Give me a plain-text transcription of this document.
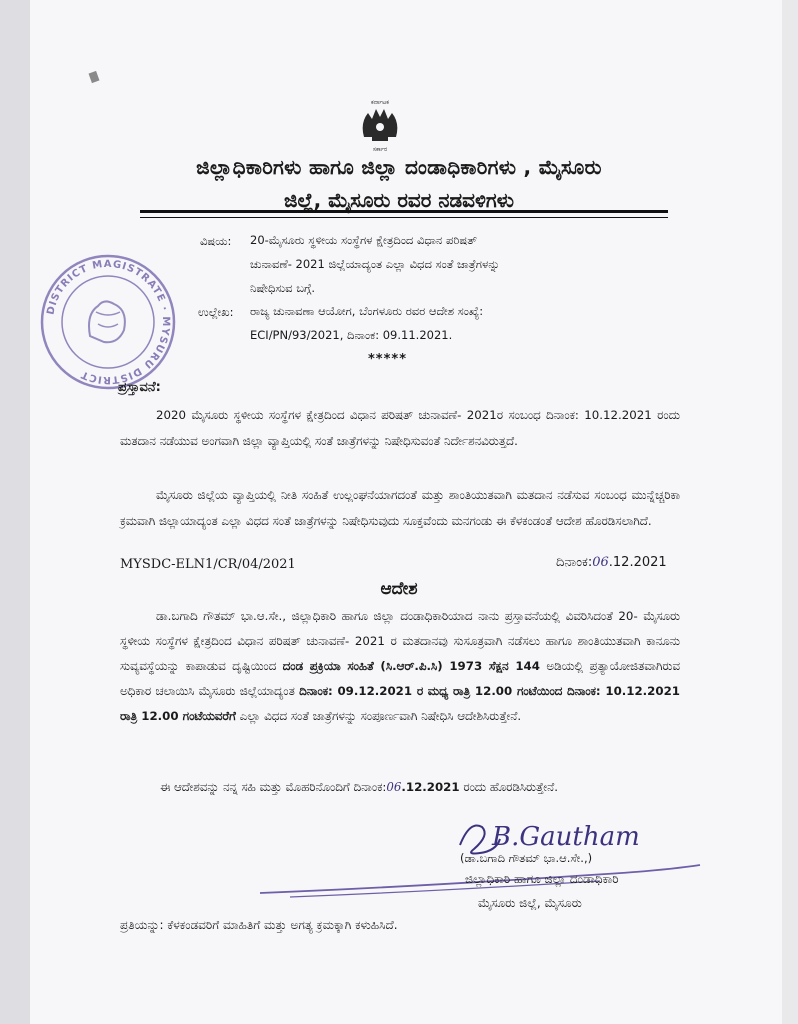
ಕರ್ನಾಟಕ
ಸರ್ಕಾರ
ಜಿಲ್ಲಾಧಿಕಾರಿಗಳು ಹಾಗೂ ಜಿಲ್ಲಾ ದಂಡಾಧಿಕಾರಿಗಳು , ಮೈಸೂರು
ಜಿಲ್ಲೆ, ಮೈಸೂರು ರವರ ನಡವಳಿಗಳು
DISTRICT MAGISTRATE · MYSURU DISTRICT
ವಿಷಯ: 20-ಮೈಸೂರು ಸ್ಥಳೀಯ ಸಂಸ್ಥೆಗಳ ಕ್ಷೇತ್ರದಿಂದ ವಿಧಾನ ಪರಿಷತ್
ಚುನಾವಣೆ- 2021 ಜಿಲ್ಲೆಯಾದ್ಯಂತ ಎಲ್ಲಾ ವಿಧದ ಸಂತೆ ಜಾತ್ರೆಗಳನ್ನು
ನಿಷೇಧಿಸುವ ಬಗ್ಗೆ.
ಉಲ್ಲೇಖ: ರಾಜ್ಯ ಚುನಾವಣಾ ಆಯೋಗ, ಬೆಂಗಳೂರು ರವರ ಆದೇಶ ಸಂಖ್ಯೆ:
ECI/PN/93/2021, ದಿನಾಂಕ: 09.11.2021.
*****
ಪ್ರಸ್ತಾವನೆ:
2020 ಮೈಸೂರು ಸ್ಥಳೀಯ ಸಂಸ್ಥೆಗಳ ಕ್ಷೇತ್ರದಿಂದ ವಿಧಾನ ಪರಿಷತ್ ಚುನಾವಣೆ- 2021ರ ಸಂಬಂಧ ದಿನಾಂಕ: 10.12.2021 ರಂದು ಮತದಾನ ನಡೆಯುವ ಅಂಗವಾಗಿ ಜಿಲ್ಲಾ ವ್ಯಾಪ್ತಿಯಲ್ಲಿ ಸಂತೆ ಜಾತ್ರೆಗಳನ್ನು ನಿಷೇಧಿಸುವಂತೆ ನಿರ್ದೇಶನವಿರುತ್ತದೆ.
ಮೈಸೂರು ಜಿಲ್ಲೆಯ ವ್ಯಾಪ್ತಿಯಲ್ಲಿ ನೀತಿ ಸಂಹಿತೆ ಉಲ್ಲಂಘನೆಯಾಗದಂತೆ ಮತ್ತು ಶಾಂತಿಯುತವಾಗಿ ಮತದಾನ ನಡೆಸುವ ಸಂಬಂಧ ಮುನ್ನೆಚ್ಚರಿಕಾ ಕ್ರಮವಾಗಿ ಜಿಲ್ಲಾಯಾದ್ಯಂತ ಎಲ್ಲಾ ವಿಧದ ಸಂತೆ ಜಾತ್ರೆಗಳನ್ನು ನಿಷೇಧಿಸುವುದು ಸೂಕ್ತವೆಂದು ಮನಗಂಡು ಈ ಕೆಳಕಂಡಂತೆ ಆದೇಶ ಹೊರಡಿಸಲಾಗಿದೆ.
MYSDC-ELN1/CR/04/2021	ದಿನಾಂಕ:06.12.2021
ಆದೇಶ
ಡಾ.ಬಗಾದಿ ಗೌತಮ್ ಭಾ.ಆ.ಸೇ., ಜಿಲ್ಲಾಧಿಕಾರಿ ಹಾಗೂ ಜಿಲ್ಲಾ ದಂಡಾಧಿಕಾರಿಯಾದ ನಾನು ಪ್ರಸ್ತಾವನೆಯಲ್ಲಿ ವಿವರಿಸಿದಂತೆ 20- ಮೈಸೂರು ಸ್ಥಳೀಯ ಸಂಸ್ಥೆಗಳ ಕ್ಷೇತ್ರದಿಂದ ವಿಧಾನ ಪರಿಷತ್ ಚುನಾವಣೆ- 2021 ರ ಮತದಾನವು ಸುಸೂತ್ರವಾಗಿ ನಡೆಸಲು ಹಾಗೂ ಶಾಂತಿಯುತವಾಗಿ ಕಾನೂನು ಸುವ್ಯವಸ್ಥೆಯನ್ನು ಕಾಪಾಡುವ ದೃಷ್ಟಿಯಿಂದ ದಂಡ ಪ್ರಕ್ರಿಯಾ ಸಂಹಿತೆ (ಸಿ.ಆರ್.ಪಿ.ಸಿ) 1973 ಸೆಕ್ಷನ 144 ಅಡಿಯಲ್ಲಿ ಪ್ರತ್ಯಾಯೋಜಿತವಾಗಿರುವ ಅಧಿಕಾರ ಚಲಾಯಿಸಿ ಮೈಸೂರು ಜಿಲ್ಲೆಯಾದ್ಯಂತ ದಿನಾಂಕ: 09.12.2021 ರ ಮಧ್ಯ ರಾತ್ರಿ 12.00 ಗಂಟೆಯಿಂದ ದಿನಾಂಕ: 10.12.2021 ರಾತ್ರಿ 12.00 ಗಂಟೆಯವರೆಗೆ ಎಲ್ಲಾ ವಿಧದ ಸಂತೆ ಜಾತ್ರೆಗಳನ್ನು ಸಂಪೂರ್ಣವಾಗಿ ನಿಷೇಧಿಸಿ ಆದೇಶಿಸಿರುತ್ತೇನೆ.
ಈ ಆದೇಶವನ್ನು ನನ್ನ ಸಹಿ ಮತ್ತು ಮೊಹರಿನೊಂದಿಗೆ ದಿನಾಂಕ:06.12.2021 ರಂದು ಹೊರಡಿಸಿರುತ್ತೇನೆ.
B.Gautham
(ಡಾ.ಬಗಾದಿ ಗೌತಮ್ ಭಾ.ಆ.ಸೇ.,)
ಜಿಲ್ಲಾಧಿಕಾರಿ ಹಾಗೂ ಜಿಲ್ಲಾ ದಂಡಾಧಿಕಾರಿ
ಮೈಸೂರು ಜಿಲ್ಲೆ, ಮೈಸೂರು
ಪ್ರತಿಯನ್ನು: ಕೆಳಕಂಡವರಿಗೆ ಮಾಹಿತಿಗೆ ಮತ್ತು ಅಗತ್ಯ ಕ್ರಮಕ್ಕಾಗಿ ಕಳುಹಿಸಿದೆ.
